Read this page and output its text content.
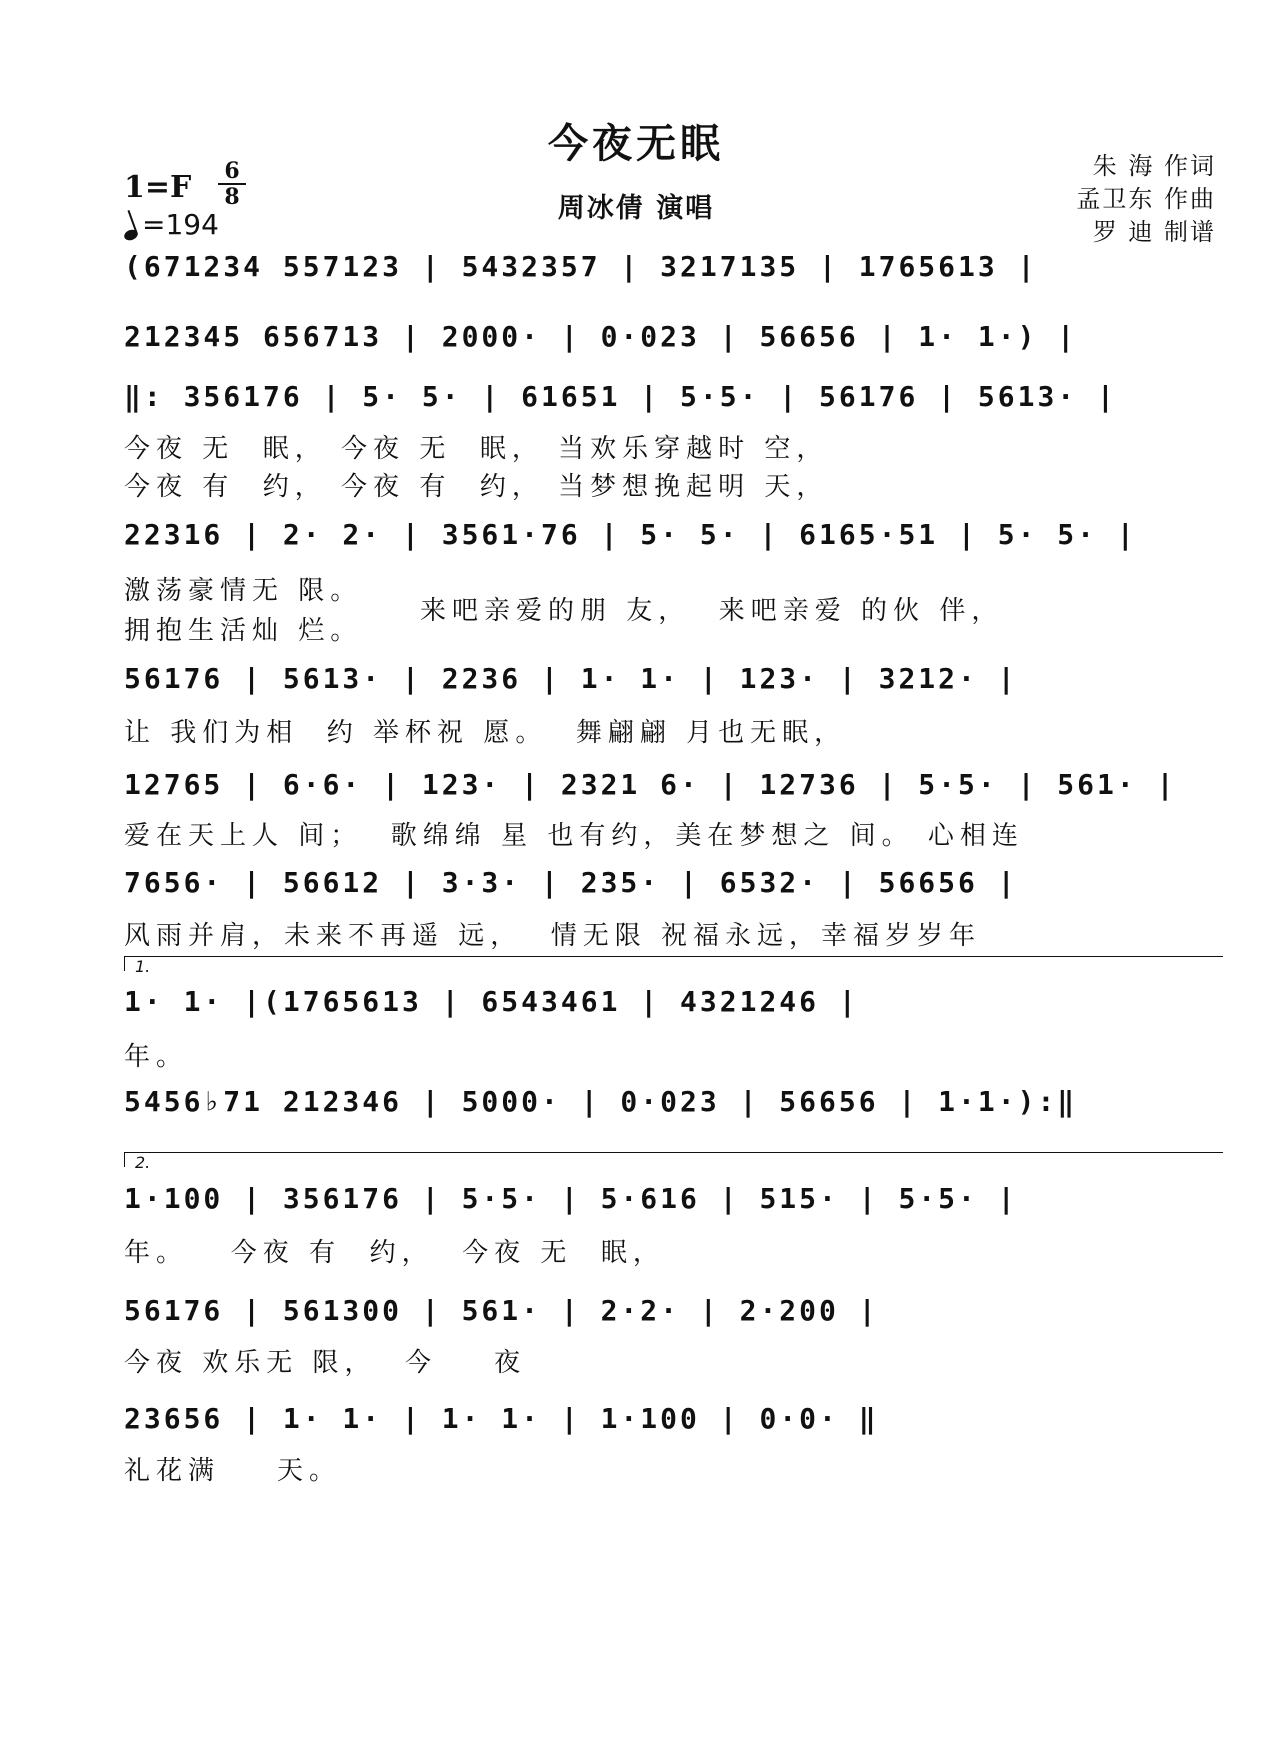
今夜无眠
周冰倩 演唱
1=F 6
8
=194
朱 海 作词
孟卫东 作曲
罗 迪 制谱
(671234 557123 | 5432357 | 3217135 | 1765613 |
212345 656713 | 2000· | 0·023 | 56656 | 1· 1·) |
‖: 356176 | 5· 5· | 61651 | 5·5· | 56176 | 5613· |
今夜 无  眠， 今夜 无  眠， 当欢乐穿越时 空，
今夜 有  约， 今夜 有  约， 当梦想挽起明 天，
22316 | 2· 2· | 3561·76 | 5· 5· | 6165·51 | 5· 5· |
激荡豪情无 限。
拥抱生活灿 烂。
来吧亲爱的朋 友，  来吧亲爱 的伙 伴，
56176 | 5613· | 2236 | 1· 1· | 123· | 3212· |
让 我们为相  约 举杯祝 愿。  舞翩翩 月也无眠，
12765 | 6·6· | 123· | 2321 6· | 12736 | 5·5· | 561· |
爱在天上人 间；  歌绵绵 星 也有约，美在梦想之 间。 心相连
7656· | 56612 | 3·3· | 235· | 6532· | 56656 |
风雨并肩，未来不再遥 远，  情无限 祝福永远，幸福岁岁年
1.
1· 1· |(1765613 | 6543461 | 4321246 |
年。
5456♭71 212346 | 5000· | 0·023 | 56656 | 1·1·):‖
2.
1·100 | 356176 | 5·5· | 5·616 | 515· | 5·5· |
年。   今夜 有  约，  今夜 无  眠，
56176 | 561300 | 561· | 2·2· | 2·200 |
今夜 欢乐无 限，  今    夜
23656 | 1· 1· | 1· 1· | 1·100 | 0·0· ‖
礼花满    天。
